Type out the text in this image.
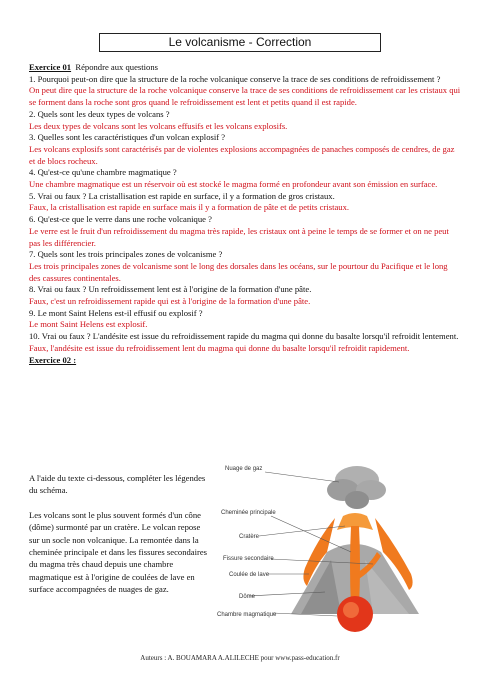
Le volcanisme - Correction

Exercice 01 Répondre aux questions

1. Pourquoi peut-on dire que la structure de la roche volcanique conserve la trace de ses conditions de refroidissement ?

On peut dire que la structure de la roche volcanique conserve la trace de ses conditions de refroidissement car les cristaux qui se forment dans la roche sont gros quand le refroidissement est lent et petits quand il est rapide.

2. Quels sont les deux types de volcans ?

Les deux types de volcans sont les volcans effusifs et les volcans explosifs.

3. Quelles sont les caractéristiques d'un volcan explosif ?

Les volcans explosifs sont caractérisés par de violentes explosions accompagnées de panaches composés de cendres, de gaz et de blocs rocheux.

4. Qu'est-ce qu'une chambre magmatique ?

Une chambre magmatique est un réservoir où est stocké le magma formé en profondeur avant son émission en surface.

5. Vrai ou faux ? La cristallisation est rapide en surface, il y a formation de gros cristaux.

Faux, la cristallisation est rapide en surface mais il y a formation de pâte et de petits cristaux.

6. Qu'est-ce que le verre dans une roche volcanique ?

Le verre est le fruit d'un refroidissement du magma très rapide, les cristaux ont à peine le temps de se former et on ne peut pas les différencier.

7. Quels sont les trois principales zones de volcanisme ?

Les trois principales zones de volcanisme sont le long des dorsales dans les océans, sur le pourtour du Pacifique et le long des cassures continentales.

8. Vrai ou faux ? Un refroidissement lent est à l'origine de la formation d'une pâte.

Faux, c'est un refroidissement rapide qui est à l'origine de la formation d'une pâte.

9. Le mont Saint Helens est-il effusif ou explosif ?

Le mont Saint Helens est explosif.

10. Vrai ou faux ? L'andésite est issue du refroidissement rapide du magma qui donne du basalte lorsqu'il refroidit lentement.

Faux, l'andésite est issue du refroidissement lent du magma qui donne du basalte lorsqu'il refroidit rapidement.

Exercice 02 :

A l'aide du texte ci-dessous, compléter les légendes du schéma.

Les volcans sont le plus souvent formés d'un cône (dôme) surmonté par un cratère. Le volcan repose sur un socle non volcanique. La remontée dans la cheminée principale et dans les fissures secondaires du magma très chaud depuis une chambre magmatique est à l'origine de coulées de lave en surface accompagnées de nuages de gaz.

Nuage de gaz
Cheminée principale
Cratère
Fissure secondaire
Coulée de lave
Dôme
Chambre magmatique
Auteurs : A. BOUAMARA A.ALILECHE pour www.pass-education.fr
